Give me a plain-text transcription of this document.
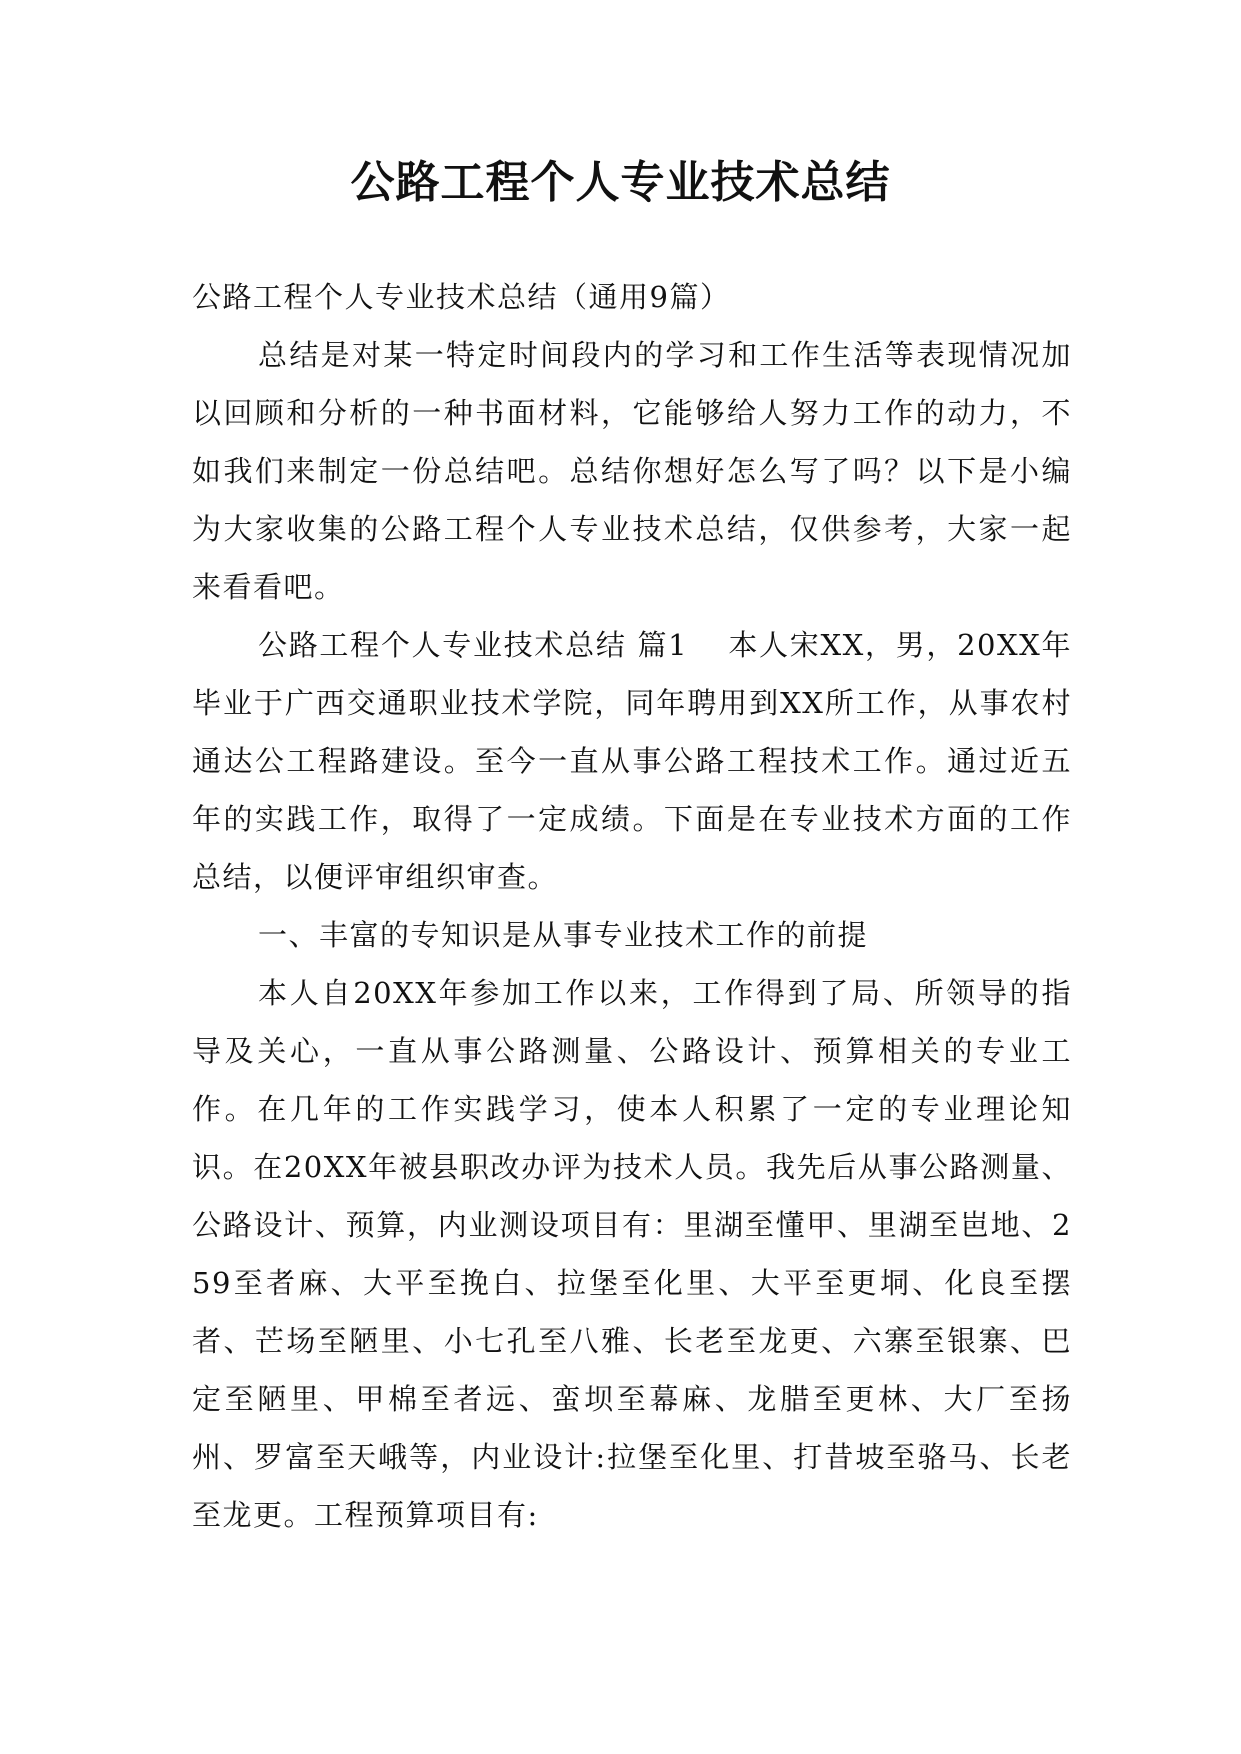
公路工程个人专业技术总结

公路工程个人专业技术总结（通用9篇）

总结是对某一特定时间段内的学习和工作生活等表现情况加以回顾和分析的一种书面材料，它能够给人努力工作的动力，不如我们来制定一份总结吧。总结你想好怎么写了吗？以下是小编为大家收集的公路工程个人专业技术总结，仅供参考，大家一起来看看吧。

公路工程个人专业技术总结 篇1 本人宋XX，男，20XX年毕业于广西交通职业技术学院，同年聘用到XX所工作，从事农村通达公工程路建设。至今一直从事公路工程技术工作。通过近五年的实践工作，取得了一定成绩。下面是在专业技术方面的工作总结，以便评审组织审查。

一、丰富的专知识是从事专业技术工作的前提

本人自20XX年参加工作以来，工作得到了局、所领导的指导及关心，一直从事公路测量、公路设计、预算相关的专业工作。在几年的工作实践学习，使本人积累了一定的专业理论知识。在20XX年被县职改办评为技术人员。我先后从事公路测量、公路设计、预算，内业测设项目有：里湖至懂甲、里湖至岜地、259至者麻、大平至挽白、拉堡至化里、大平至更垌、化良至摆者、芒场至陋里、小七孔至八雅、长老至龙更、六寨至银寨、巴定至陋里、甲棉至者远、蛮坝至幕麻、龙腊至更林、大厂至扬州、罗富至天峨等，内业设计:拉堡至化里、打昔坡至骆马、长老至龙更。工程预算项目有:
